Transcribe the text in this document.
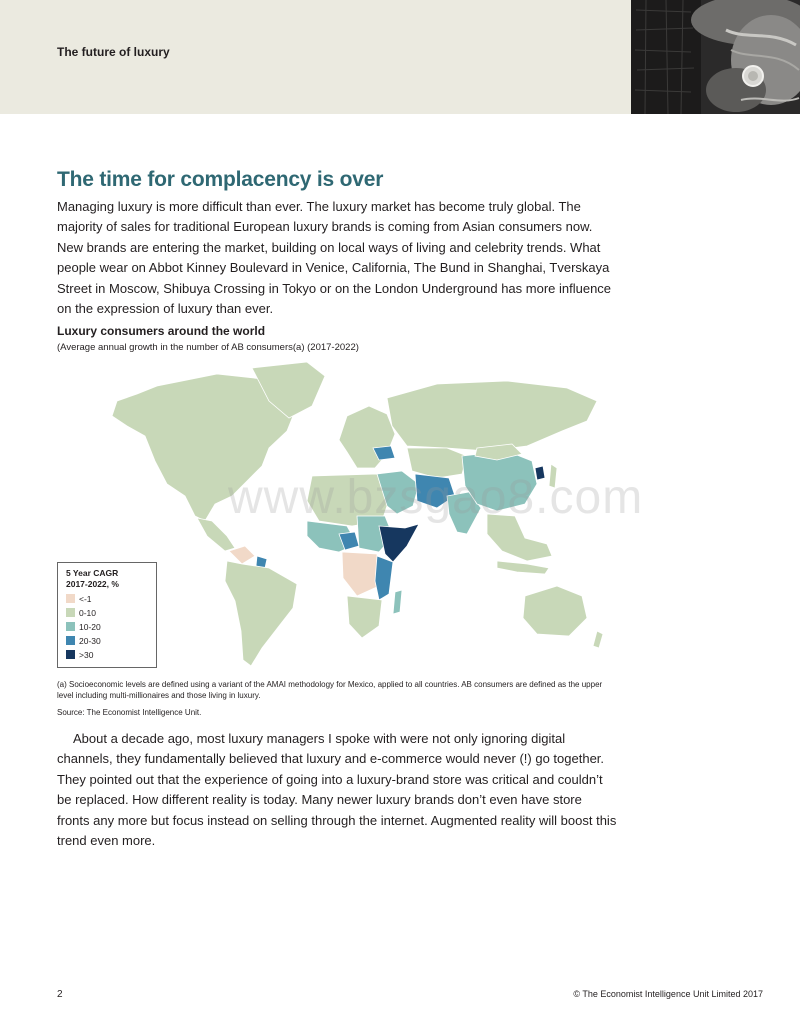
The future of luxury
The time for complacency is over

Managing luxury is more difficult than ever. The luxury market has become truly global. The majority of sales for traditional European luxury brands is coming from Asian consumers now. New brands are entering the market, building on local ways of living and celebrity trends. What people wear on Abbot Kinney Boulevard in Venice, California, The Bund in Shanghai, Tverskaya Street in Moscow, Shibuya Crossing in Tokyo or on the London Underground has more influence on the expression of luxury than ever.

Luxury consumers around the world
(Average annual growth in the number of AB consumers(a) (2017-2022)
www.bzsgao8.com
5 Year CAGR
2017-2022, %
<-1
0-10
10-20
20-30
>30

(a) Socioeconomic levels are defined using a variant of the AMAI methodology for Mexico, applied to all countries. AB consumers are defined as the upper level including multi-millionaires and those living in luxury.

Source: The Economist Intelligence Unit.

About a decade ago, most luxury managers I spoke with were not only ignoring digital channels, they fundamentally believed that luxury and e-commerce would never (!) go together. They pointed out that the experience of going into a luxury-brand store was critical and couldn’t be replaced. How different reality is today. Many newer luxury brands don’t even have store fronts any more but focus instead on selling through the internet. Augmented reality will boost this trend even more.

2	© The Economist Intelligence Unit Limited 2017
